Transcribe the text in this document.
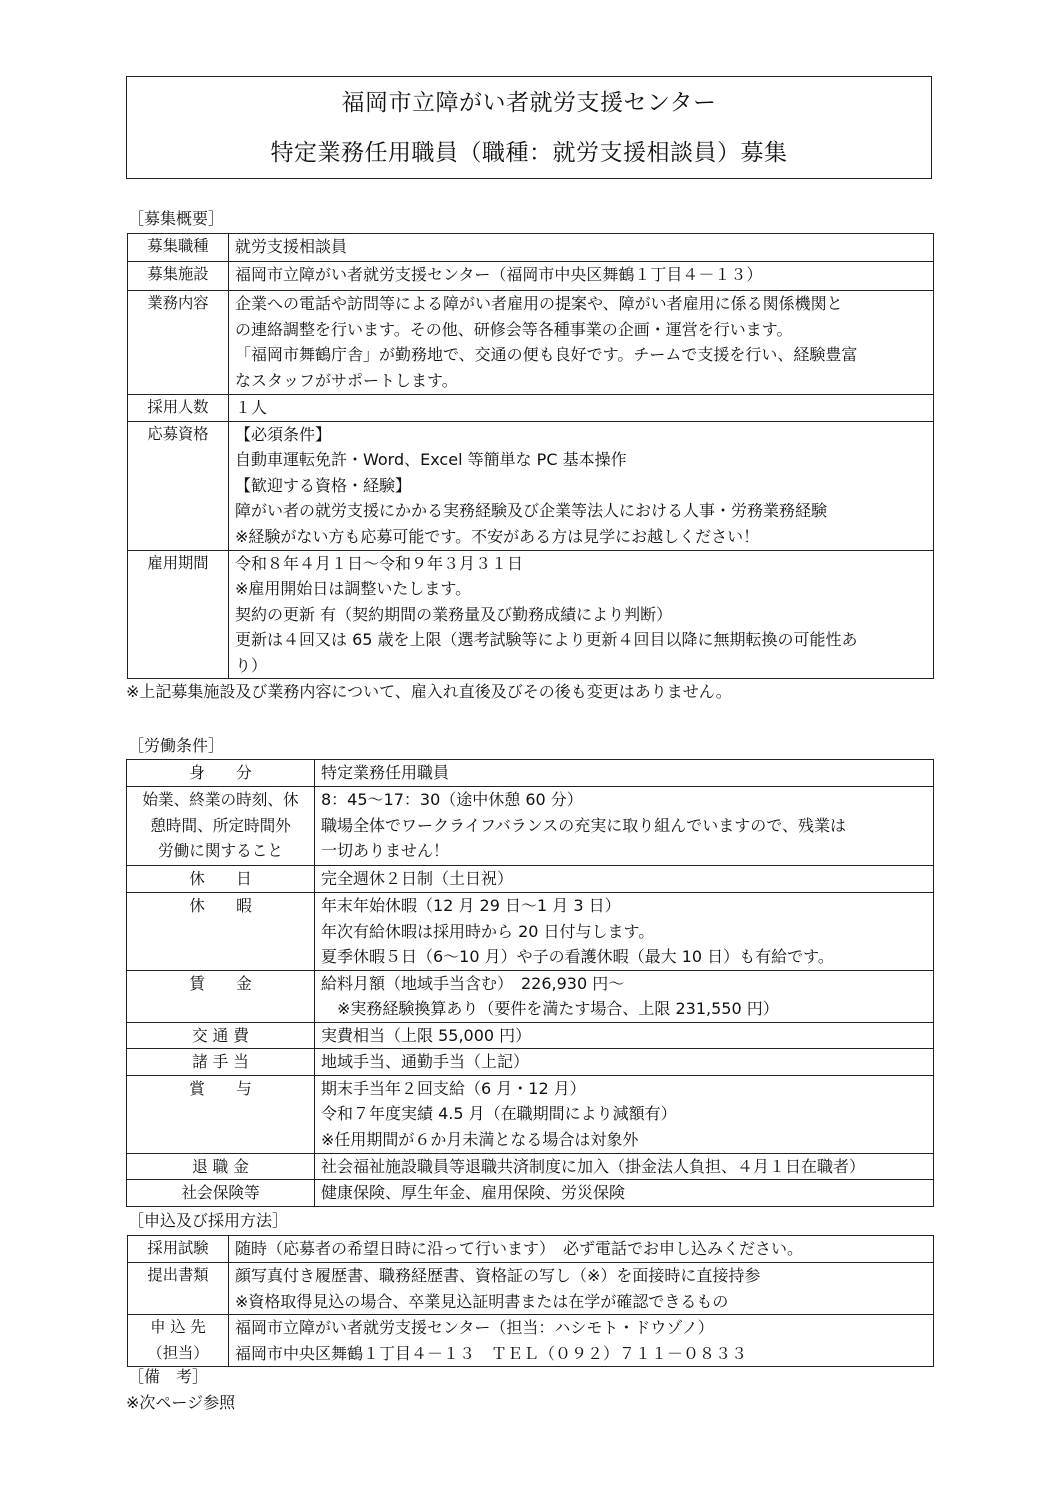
福岡市立障がい者就労支援センター
特定業務任用職員（職種：就労支援相談員）募集
［募集概要］
募集職種	就労支援相談員

募集施設	福岡市立障がい者就労支援センター（福岡市中央区舞鶴１丁目４－１３）

業務内容	企業への電話や訪問等による障がい者雇用の提案や、障がい者雇用に係る関係機関と
の連絡調整を行います。その他、研修会等各種事業の企画・運営を行います。
「福岡市舞鶴庁舎」が勤務地で、交通の便も良好です。チームで支援を行い、経験豊富
なスタッフがサポートします。

採用人数	１人

応募資格	【必須条件】
自動車運転免許・Word、Excel 等簡単な PC 基本操作
【歓迎する資格・経験】
障がい者の就労支援にかかる実務経験及び企業等法人における人事・労務業務経験
※経験がない方も応募可能です。不安がある方は見学にお越しください！

雇用期間	令和８年４月１日～令和９年３月３１日
※雇用開始日は調整いたします。
契約の更新 有（契約期間の業務量及び勤務成績により判断）
更新は４回又は 65 歳を上限（選考試験等により更新４回目以降に無期転換の可能性あ
り）
※上記募集施設及び業務内容について、雇入れ直後及びその後も変更はありません。
［労働条件］
身　　分	特定業務任用職員

始業、終業の時刻、休
憩時間、所定時間外
労働に関すること	8：45～17：30（途中休憩 60 分）
職場全体でワークライフバランスの充実に取り組んでいますので、残業は
一切ありません！

休　　日	完全週休２日制（土日祝）

休　　暇	年末年始休暇（12 月 29 日～1 月 3 日）
年次有給休暇は採用時から 20 日付与します。
夏季休暇５日（6～10 月）や子の看護休暇（最大 10 日）も有給です。

賃　　金	給料月額（地域手当含む）　226,930 円～
　※実務経験換算あり（要件を満たす場合、上限 231,550 円）

交 通 費	実費相当（上限 55,000 円）

諸 手 当	地域手当、通勤手当（上記）

賞　　与	期末手当年２回支給（6 月・12 月）
令和７年度実績 4.5 月（在職期間により減額有）
※任用期間が６か月未満となる場合は対象外

退 職 金	社会福祉施設職員等退職共済制度に加入（掛金法人負担、４月１日在職者）

社会保険等	健康保険、厚生年金、雇用保険、労災保険
［申込及び採用方法］
採用試験	随時（応募者の希望日時に沿って行います）　必ず電話でお申し込みください。

提出書類	顔写真付き履歴書、職務経歴書、資格証の写し（※）を面接時に直接持参
※資格取得見込の場合、卒業見込証明書または在学が確認できるもの

申 込 先
（担当）	福岡市立障がい者就労支援センター（担当：ハシモト・ドウゾノ）
福岡市中央区舞鶴１丁目４－１３　ＴＥＬ（０９２）７１１－０８３３
［備　考］
※次ページ参照
